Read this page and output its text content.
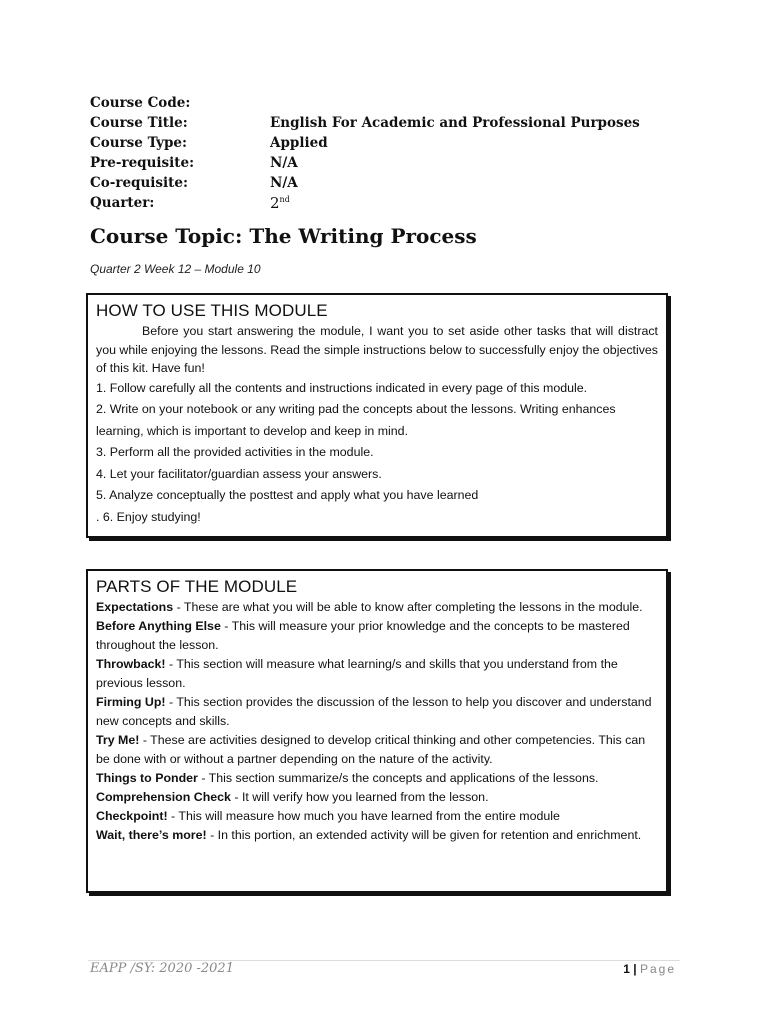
Course Code:
Course Title:	English For Academic and Professional Purposes
Course Type:	Applied
Pre-requisite:	N/A
Co-requisite:	N/A
Quarter:	2nd
Course Topic: The Writing Process
Quarter 2 Week 12 – Module 10
HOW TO USE THIS MODULE

Before you start answering the module, I want you to set aside other tasks that will distract you while enjoying the lessons. Read the simple instructions below to successfully enjoy the objectives of this kit. Have fun!

1. Follow carefully all the contents and instructions indicated in every page of this module.

2. Write on your notebook or any writing pad the concepts about the lessons. Writing enhances learning, which is important to develop and keep in mind.

3. Perform all the provided activities in the module.

4. Let your facilitator/guardian assess your answers.

5. Analyze conceptually the posttest and apply what you have learned

. 6. Enjoy studying!

PARTS OF THE MODULE

Expectations - These are what you will be able to know after completing the lessons in the module.

Before Anything Else - This will measure your prior knowledge and the concepts to be mastered throughout the lesson.

Throwback! - This section will measure what learning/s and skills that you understand from the previous lesson.

Firming Up! - This section provides the discussion of the lesson to help you discover and understand new concepts and skills.

Try Me! - These are activities designed to develop critical thinking and other competencies. This can be done with or without a partner depending on the nature of the activity.

Things to Ponder - This section summarize/s the concepts and applications of the lessons.

Comprehension Check - It will verify how you learned from the lesson.

Checkpoint! - This will measure how much you have learned from the entire module

Wait, there’s more! - In this portion, an extended activity will be given for retention and enrichment.

EAPP /SY: 2020 -2021	1 | Page
